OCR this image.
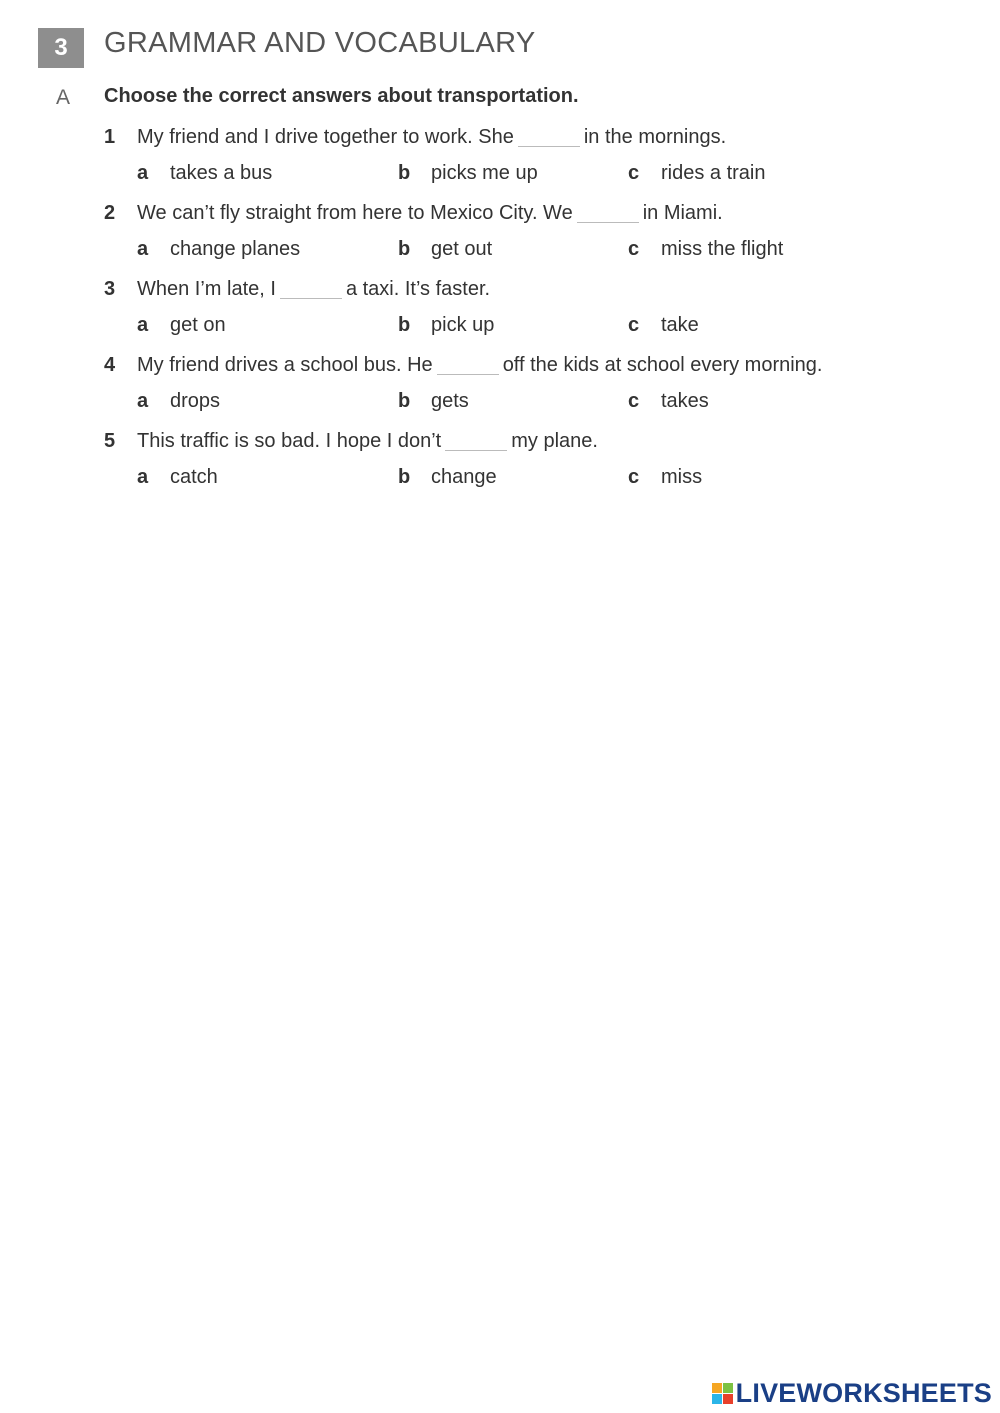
3	GRAMMAR AND VOCABULARY
A Choose the correct answers about transportation.
1	My friend and I drive together to work. She	in the mornings.
a	takes a bus	b	picks me up	c	rides a train
2	We can’t fly straight from here to Mexico City. We	in Miami.
a	change planes	b	get out	c	miss the flight
3	When I’m late, I	a taxi. It’s faster.
a	get on	b	pick up	c	take
4	My friend drives a school bus. He	off the kids at school every morning.
a	drops	b	gets	c	takes
5	This traffic is so bad. I hope I don’t	my plane.
a	catch	b	change	c	miss
LIVEWORKSHEETS
